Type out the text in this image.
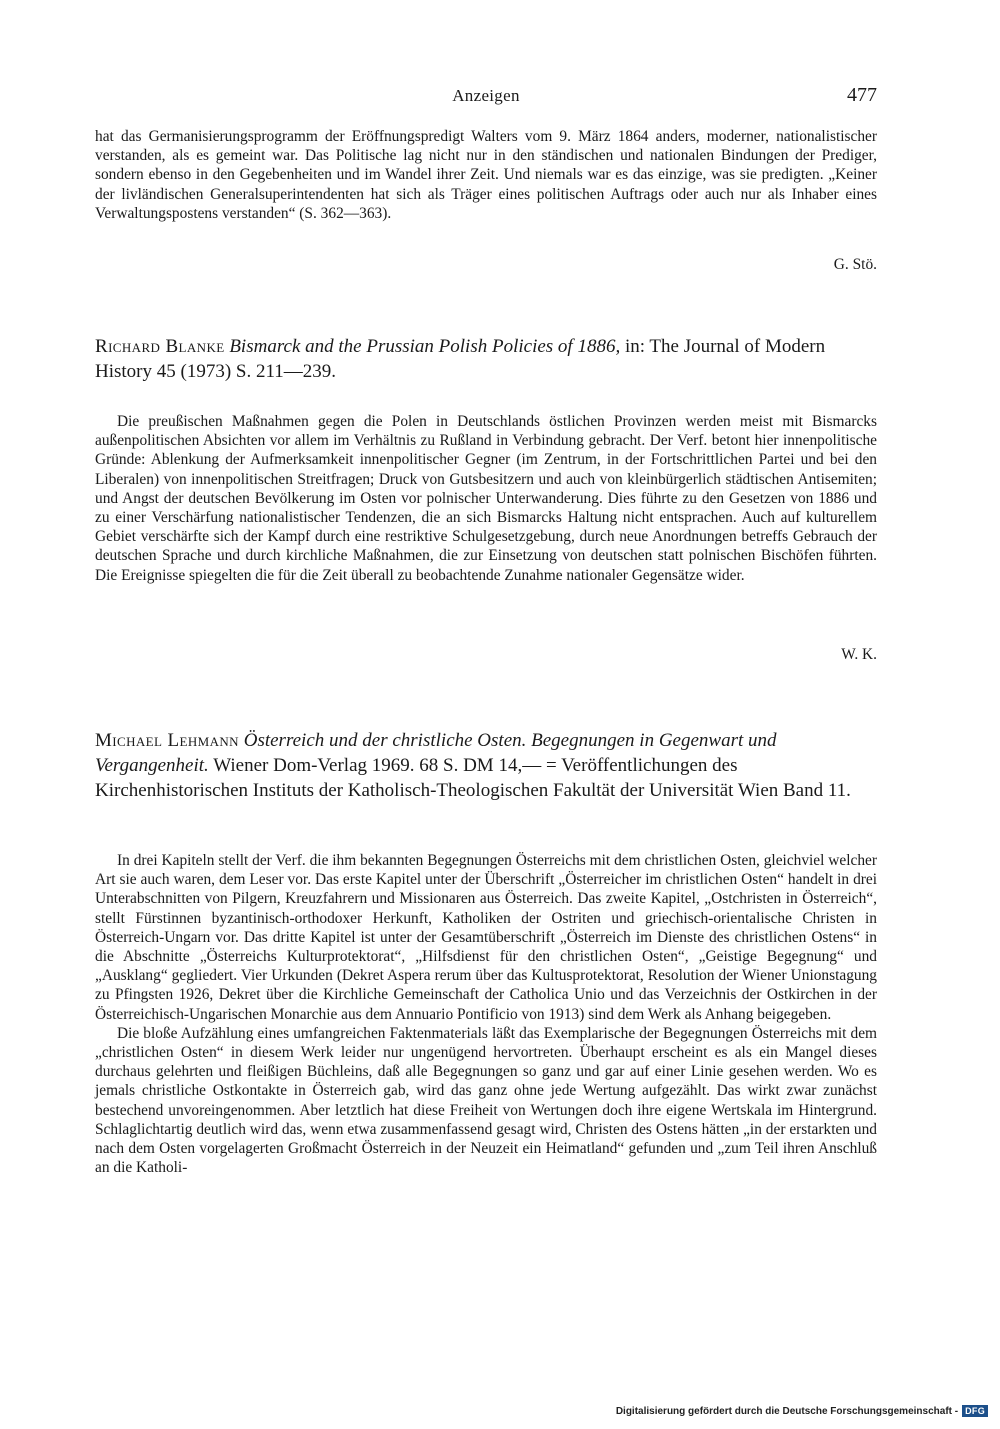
Anzeigen	477

hat das Germanisierungsprogramm der Eröffnungspredigt Walters vom 9. März 1864 anders, moderner, nationalistischer verstanden, als es gemeint war. Das Politische lag nicht nur in den ständischen und nationalen Bindungen der Prediger, sondern ebenso in den Gegebenheiten und im Wandel ihrer Zeit. Und niemals war es das einzige, was sie predigten. „Keiner der livländischen Generalsuperintendenten hat sich als Träger eines politischen Auftrags oder auch nur als Inhaber eines Verwaltungspostens verstanden“ (S. 362—363).

G. Stö.

Richard Blanke Bismarck and the Prussian Polish Policies of 1886, in: The Journal of Modern History 45 (1973) S. 211—239.

Die preußischen Maßnahmen gegen die Polen in Deutschlands östlichen Provinzen werden meist mit Bismarcks außenpolitischen Absichten vor allem im Verhältnis zu Rußland in Verbindung gebracht. Der Verf. betont hier innenpolitische Gründe: Ablenkung der Aufmerksamkeit innenpolitischer Gegner (im Zentrum, in der Fortschrittlichen Partei und bei den Liberalen) von innenpolitischen Streitfragen; Druck von Gutsbesitzern und auch von kleinbürgerlich städtischen Antisemiten; und Angst der deutschen Bevölkerung im Osten vor polnischer Unterwanderung. Dies führte zu den Gesetzen von 1886 und zu einer Verschärfung nationalistischer Tendenzen, die an sich Bismarcks Haltung nicht entsprachen. Auch auf kulturellem Gebiet verschärfte sich der Kampf durch eine restriktive Schulgesetzgebung, durch neue Anordnungen betreffs Gebrauch der deutschen Sprache und durch kirchliche Maßnahmen, die zur Einsetzung von deutschen statt polnischen Bischöfen führten. Die Ereignisse spiegelten die für die Zeit überall zu beobachtende Zunahme nationaler Gegensätze wider.

W. K.

Michael Lehmann Österreich und der christliche Osten. Begegnungen in Gegenwart und Vergangenheit. Wiener Dom-Verlag 1969. 68 S. DM 14,— = Veröffentlichungen des Kirchenhistorischen Instituts der Katholisch-Theologischen Fakultät der Universität Wien Band 11.

In drei Kapiteln stellt der Verf. die ihm bekannten Begegnungen Österreichs mit dem christlichen Osten, gleichviel welcher Art sie auch waren, dem Leser vor. Das erste Kapitel unter der Überschrift „Österreicher im christlichen Osten“ handelt in drei Unterabschnitten von Pilgern, Kreuzfahrern und Missionaren aus Österreich. Das zweite Kapitel, „Ostchristen in Österreich“, stellt Fürstinnen byzantinisch-orthodoxer Herkunft, Katholiken der Ostriten und griechisch-orientalische Christen in Österreich-Ungarn vor. Das dritte Kapitel ist unter der Gesamtüberschrift „Österreich im Dienste des christlichen Ostens“ in die Abschnitte „Österreichs Kulturprotektorat“, „Hilfsdienst für den christlichen Osten“, „Geistige Begegnung“ und „Ausklang“ gegliedert. Vier Urkunden (Dekret Aspera rerum über das Kultusprotektorat, Resolution der Wiener Unionstagung zu Pfingsten 1926, Dekret über die Kirchliche Gemeinschaft der Catholica Unio und das Verzeichnis der Ostkirchen in der Österreichisch-Ungarischen Monarchie aus dem Annuario Pontificio von 1913) sind dem Werk als Anhang beigegeben.

Die bloße Aufzählung eines umfangreichen Faktenmaterials läßt das Exemplarische der Begegnungen Österreichs mit dem „christlichen Osten“ in diesem Werk leider nur ungenügend hervortreten. Überhaupt erscheint es als ein Mangel dieses durchaus gelehrten und fleißigen Büchleins, daß alle Begegnungen so ganz und gar auf einer Linie gesehen werden. Wo es jemals christliche Ostkontakte in Österreich gab, wird das ganz ohne jede Wertung aufgezählt. Das wirkt zwar zunächst bestechend unvoreingenommen. Aber letztlich hat diese Freiheit von Wertungen doch ihre eigene Wertskala im Hintergrund. Schlaglichtartig deutlich wird das, wenn etwa zusammenfassend gesagt wird, Christen des Ostens hätten „in der erstarkten und nach dem Osten vorgelagerten Großmacht Österreich in der Neuzeit ein Heimatland“ gefunden und „zum Teil ihren Anschluß an die Katholi-

Digitalisierung gefördert durch die Deutsche Forschungsgemeinschaft - DFG
